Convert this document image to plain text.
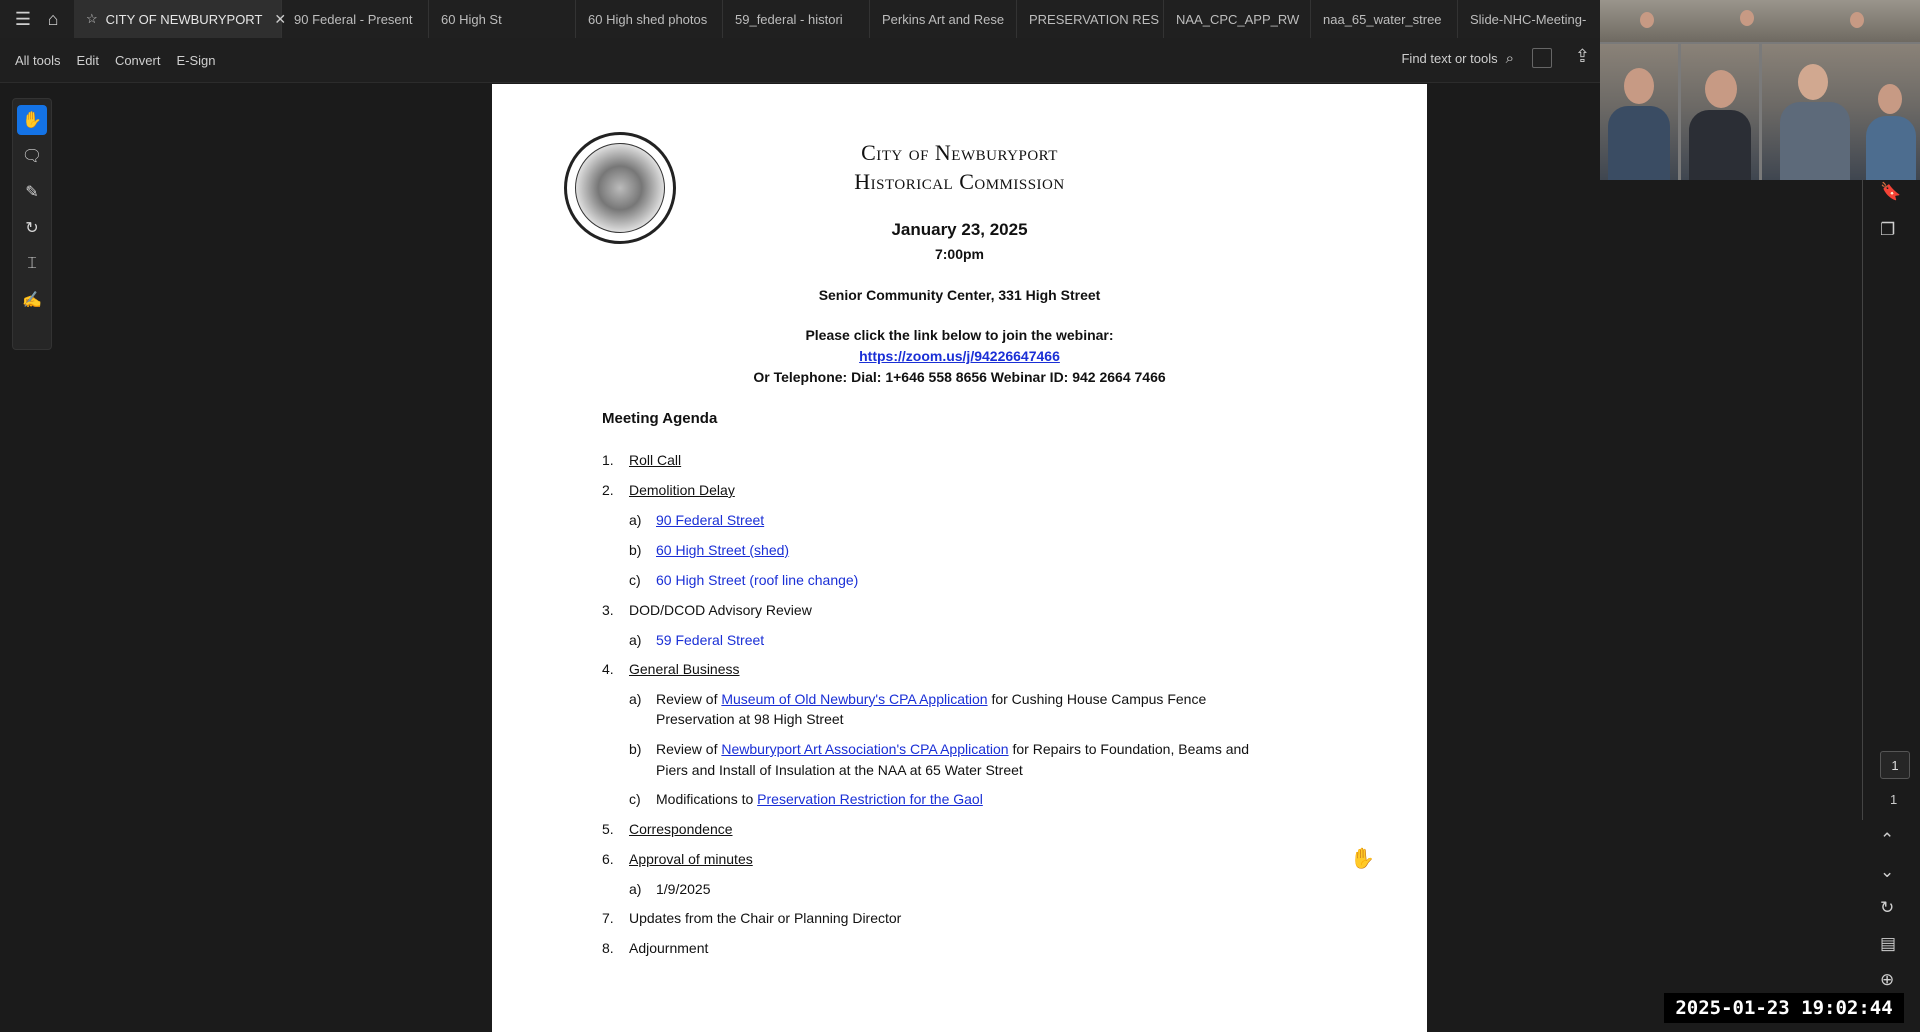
☰ ⌂	☆ CITY OF NEWBURYPORT ✕ 90 Federal - Present 60 High St	60 High shed photos 59_federal - histori	Perkins Art and Rese PRESERVATION RES NAA_CPC_APP_RW naa_65_water_stree Slide-NHC-Meeting-
All tools Edit Convert E-Sign	Find text or tools ⌕	⇪
✋
🗨
✎
↻
⌶
✍
City of Newburyport
Historical Commission
January 23, 2025
7:00pm
Senior Community Center, 331 High Street
Please click the link below to join the webinar:
https://zoom.us/j/94226647466
Or Telephone: Dial: 1+646 558 8656 Webinar ID: 942 2664 7466
Meeting Agenda
1. Roll Call
2. Demolition Delay
a) 90 Federal Street
b) 60 High Street (shed)
c) 60 High Street (roof line change)
3. DOD/DCOD Advisory Review
a) 59 Federal Street
4. General Business
a) Review of Museum of Old Newbury's CPA Application for Cushing House Campus Fence
Preservation at 98 High Street
b) Review of Newburyport Art Association's CPA Application for Repairs to Foundation, Beams and
Piers and Install of Insulation at the NAA at 65 Water Street
c) Modifications to Preservation Restriction for the Gaol
5. Correspondence
6. Approval of minutes
a) 1/9/2025
7. Updates from the Chair or Planning Director
8. Adjournment
✋
🔖
❐
⌃
⌄
↻
▤
⊕
1
1
2025-01-23 19:02:44
